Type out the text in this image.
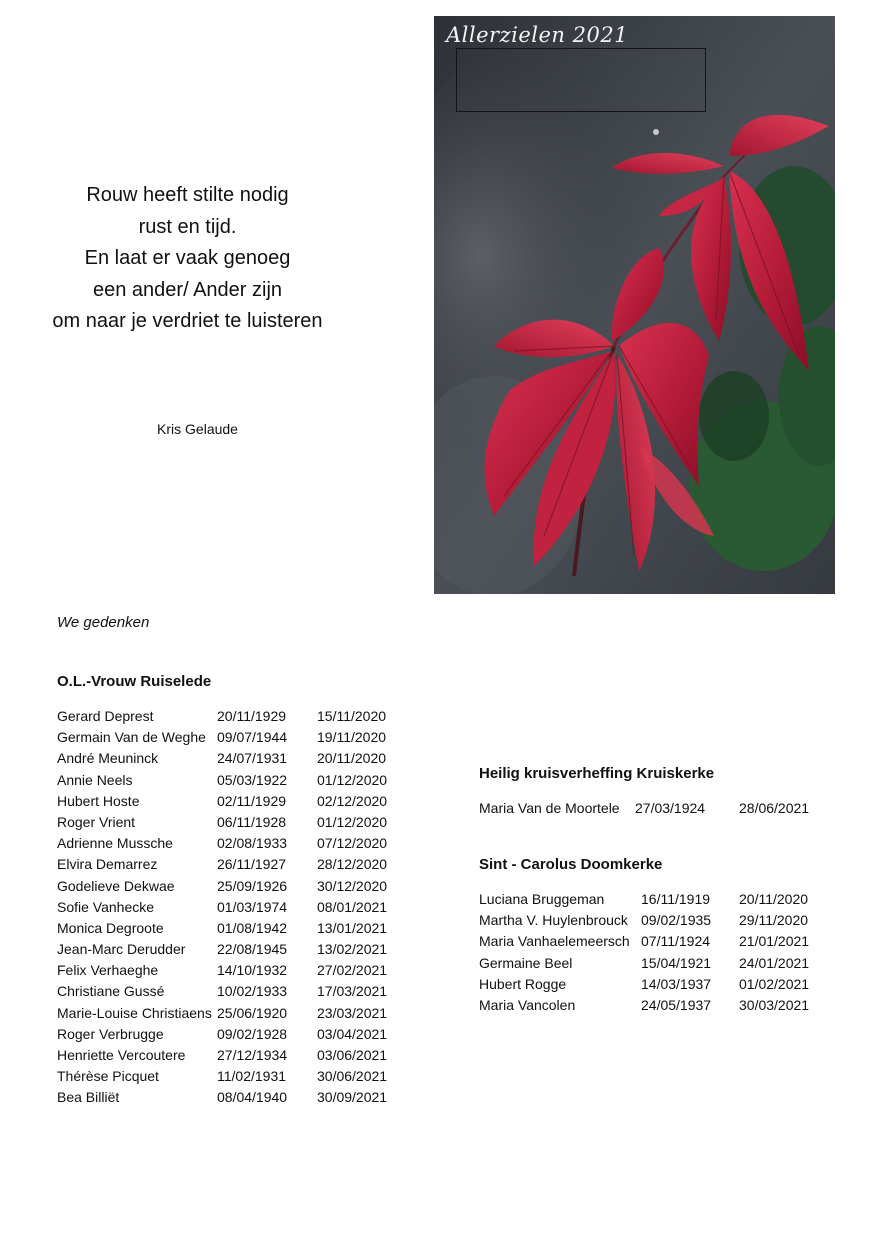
Rouw heeft stilte nodig
rust en tijd.
En laat er vaak genoeg
een ander/ Ander zijn
om naar je verdriet te luisteren
Kris Gelaude
Allerzielen 2021
We gedenken
O.L.-Vrouw Ruiselede
Gerard Deprest	20/11/1929 15/11/2020
Germain Van de Weghe 09/07/1944 19/11/2020
André Meuninck	24/07/1931 20/11/2020
Annie Neels	05/03/1922 01/12/2020
Hubert Hoste	02/11/1929 02/12/2020
Roger Vrient	06/11/1928 01/12/2020
Adrienne Mussche	02/08/1933 07/12/2020
Elvira Demarrez	26/11/1927 28/12/2020
Godelieve Dekwae	25/09/1926 30/12/2020
Sofie Vanhecke	01/03/1974 08/01/2021
Monica Degroote	01/08/1942 13/01/2021
Jean-Marc Derudder 22/08/1945 13/02/2021
Felix Verhaeghe	14/10/1932 27/02/2021
Christiane Gussé	10/02/1933 17/03/2021
Marie-Louise Christiaens 25/06/1920 23/03/2021
Roger Verbrugge	09/02/1928 03/04/2021
Henriette Vercoutere 27/12/1934 03/06/2021
Thérèse Picquet	11/02/1931 30/06/2021
Bea Billiët	08/04/1940 30/09/2021
Heilig kruisverheffing Kruiskerke
Maria Van de Moortele 27/03/1924 28/06/2021
Sint - Carolus Doomkerke
Luciana Bruggeman	16/11/1919 20/11/2020
Martha V. Huylenbrouck 09/02/1935 29/11/2020
Maria Vanhaelemeersch 07/11/1924 21/01/2021
Germaine Beel	15/04/1921 24/01/2021
Hubert Rogge	14/03/1937 01/02/2021
Maria Vancolen	24/05/1937 30/03/2021
